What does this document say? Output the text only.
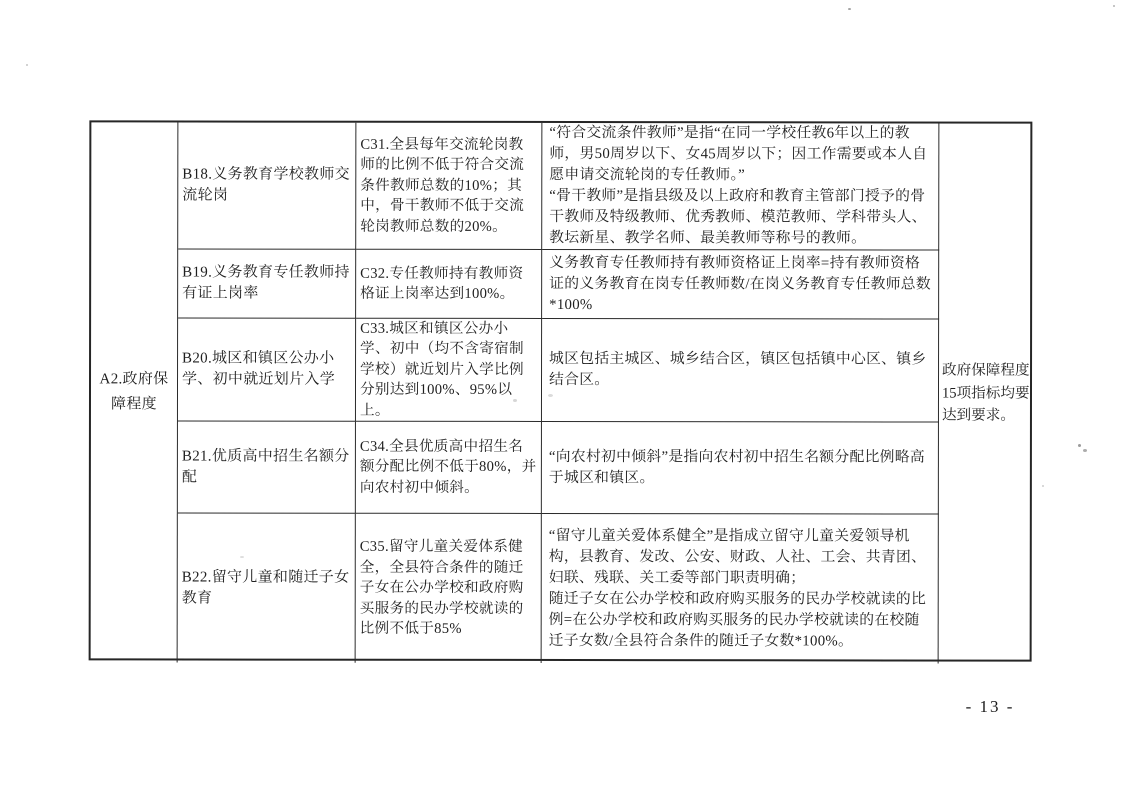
A2.政府保障程度
B18.义务教育学校教师交流轮岗
C31.全县每年交流轮岗教师的比例不低于符合交流条件教师总数的10%；其中，骨干教师不低于交流轮岗教师总数的20%。
“符合交流条件教师”是指“在同一学校任教6年以上的教师，男50周岁以下、女45周岁以下；因工作需要或本人自愿申请交流轮岗的专任教师。”
“骨干教师”是指县级及以上政府和教育主管部门授予的骨干教师及特级教师、优秀教师、模范教师、学科带头人、教坛新星、教学名师、最美教师等称号的教师。
B19.义务教育专任教师持有证上岗率
C32.专任教师持有教师资格证上岗率达到100%。
义务教育专任教师持有教师资格证上岗率=持有教师资格证的义务教育在岗专任教师数/在岗义务教育专任教师总数*100%
B20.城区和镇区公办小学、初中就近划片入学
C33.城区和镇区公办小学、初中（均不含寄宿制学校）就近划片入学比例分别达到100%、95%以上。
城区包括主城区、城乡结合区，镇区包括镇中心区、镇乡结合区。
B21.优质高中招生名额分配
C34.全县优质高中招生名额分配比例不低于80%，并向农村初中倾斜。
“向农村初中倾斜”是指向农村初中招生名额分配比例略高于城区和镇区。
B22.留守儿童和随迁子女教育
C35.留守儿童关爱体系健全，全县符合条件的随迁子女在公办学校和政府购买服务的民办学校就读的比例不低于85%
“留守儿童关爱体系健全”是指成立留守儿童关爱领导机构，县教育、发改、公安、财政、人社、工会、共青团、妇联、残联、关工委等部门职责明确；
随迁子女在公办学校和政府购买服务的民办学校就读的比例=在公办学校和政府购买服务的民办学校就读的在校随迁子女数/全县符合条件的随迁子女数*100%。
政府保障程度15项指标均要达到要求。
- 13 -
